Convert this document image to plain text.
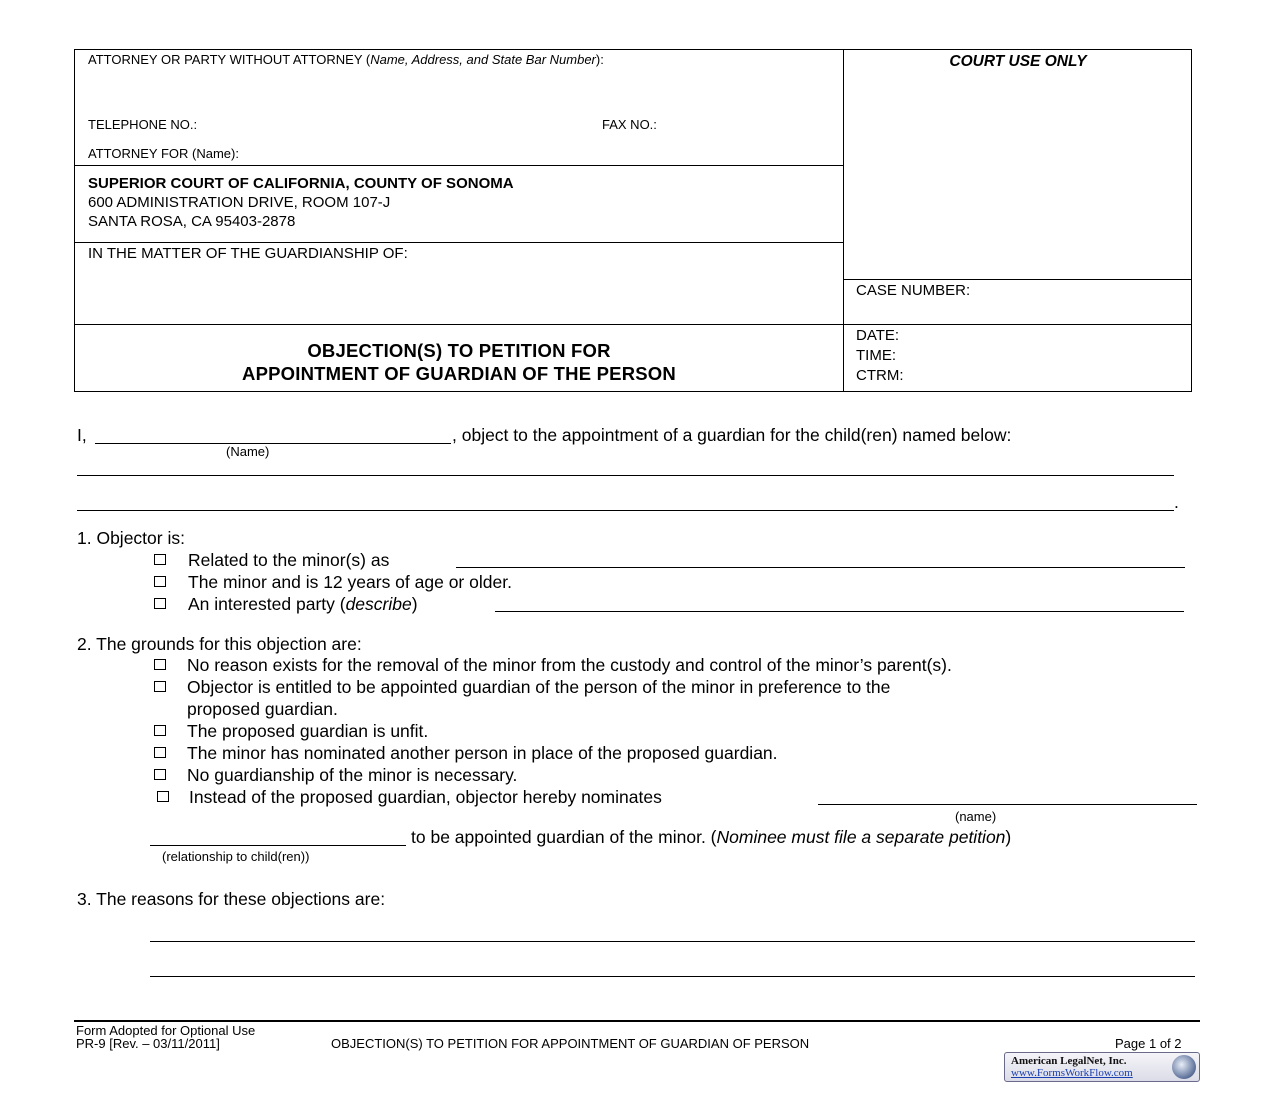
ATTORNEY OR PARTY WITHOUT ATTORNEY (Name, Address, and State Bar Number):
TELEPHONE NO.:	FAX NO.:
ATTORNEY FOR (Name):
COURT USE ONLY
SUPERIOR COURT OF CALIFORNIA, COUNTY OF SONOMA
600 ADMINISTRATION DRIVE, ROOM 107-J
SANTA ROSA, CA 95403-2878
IN THE MATTER OF THE GUARDIANSHIP OF:
CASE NUMBER:
OBJECTION(S) TO PETITION FOR
APPOINTMENT OF GUARDIAN OF THE PERSON
DATE:
TIME:
CTRM:
I,	, object to the appointment of a guardian for the child(ren) named below:
(Name)
.
1. Objector is:
Related to the minor(s) as
The minor and is 12 years of age or older.
An interested party (describe)
2. The grounds for this objection are:
No reason exists for the removal of the minor from the custody and control of the minor’s parent(s).
Objector is entitled to be appointed guardian of the person of the minor in preference to the
proposed guardian.
The proposed guardian is unfit.
The minor has nominated another person in place of the proposed guardian.
No guardianship of the minor is necessary.
Instead of the proposed guardian, objector hereby nominates
(name)
to be appointed guardian of the minor. (Nominee must file a separate petition)
(relationship to child(ren))
3. The reasons for these objections are:
Form Adopted for Optional Use
PR-9 [Rev. – 03/11/2011]	OBJECTION(S) TO PETITION FOR APPOINTMENT OF GUARDIAN OF PERSON	Page 1 of 2
American LegalNet, Inc.
www.FormsWorkFlow.com
